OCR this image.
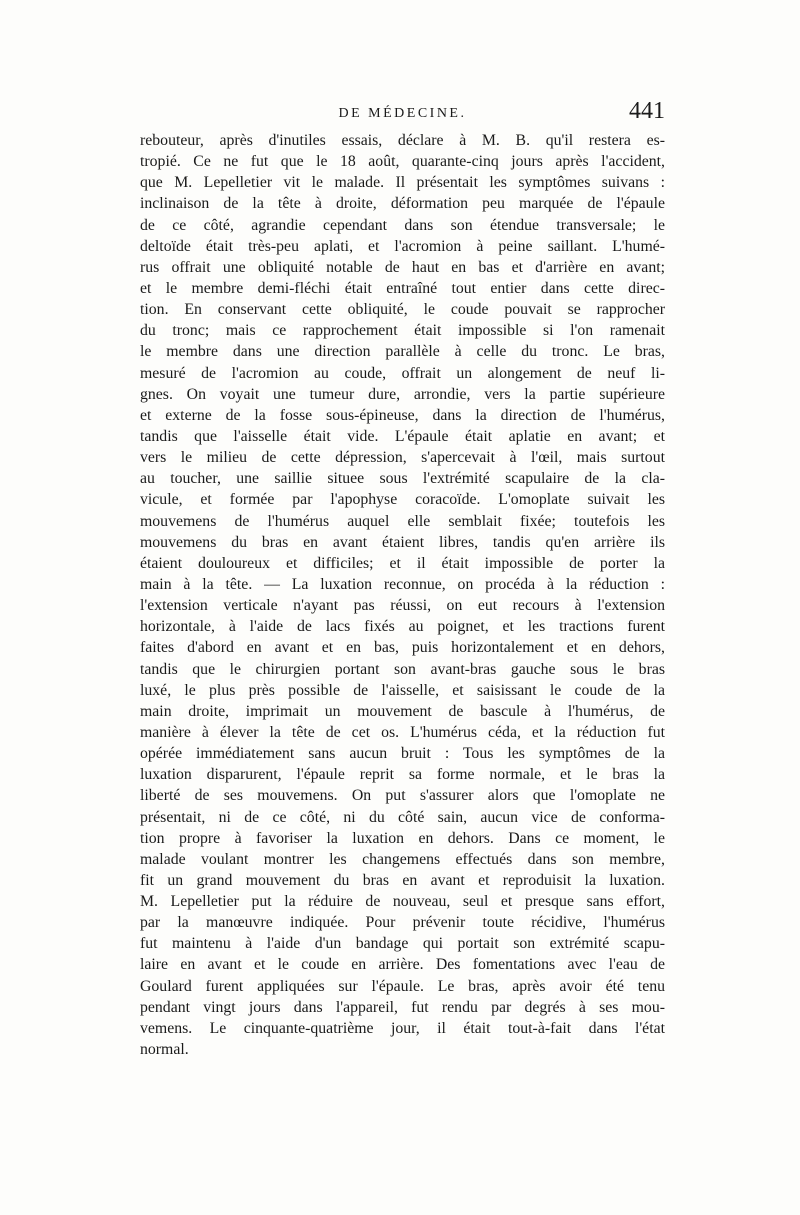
DE MÉDECINE.	441
rebouteur, après d'inutiles essais, déclare à M. B. qu'il restera es-
tropié. Ce ne fut que le 18 août, quarante-cinq jours après l'accident,
que M. Lepelletier vit le malade. Il présentait les symptômes suivans :
inclinaison de la tête à droite, déformation peu marquée de l'épaule
de ce côté, agrandie cependant dans son étendue transversale; le
deltoïde était très-peu aplati, et l'acromion à peine saillant. L'humé-
rus offrait une obliquité notable de haut en bas et d'arrière en avant;
et le membre demi-fléchi était entraîné tout entier dans cette direc-
tion. En conservant cette obliquité, le coude pouvait se rapprocher
du tronc; mais ce rapprochement était impossible si l'on ramenait
le membre dans une direction parallèle à celle du tronc. Le bras,
mesuré de l'acromion au coude, offrait un alongement de neuf li-
gnes. On voyait une tumeur dure, arrondie, vers la partie supérieure
et externe de la fosse sous-épineuse, dans la direction de l'humérus,
tandis que l'aisselle était vide. L'épaule était aplatie en avant; et
vers le milieu de cette dépression, s'apercevait à l'œil, mais surtout
au toucher, une saillie situee sous l'extrémité scapulaire de la cla-
vicule, et formée par l'apophyse coracoïde. L'omoplate suivait les
mouvemens de l'humérus auquel elle semblait fixée; toutefois les
mouvemens du bras en avant étaient libres, tandis qu'en arrière ils
étaient douloureux et difficiles; et il était impossible de porter la
main à la tête. — La luxation reconnue, on procéda à la réduction :
l'extension verticale n'ayant pas réussi, on eut recours à l'extension
horizontale, à l'aide de lacs fixés au poignet, et les tractions furent
faites d'abord en avant et en bas, puis horizontalement et en dehors,
tandis que le chirurgien portant son avant-bras gauche sous le bras
luxé, le plus près possible de l'aisselle, et saisissant le coude de la
main droite, imprimait un mouvement de bascule à l'humérus, de
manière à élever la tête de cet os. L'humérus céda, et la réduction fut
opérée immédiatement sans aucun bruit : Tous les symptômes de la
luxation disparurent, l'épaule reprit sa forme normale, et le bras la
liberté de ses mouvemens. On put s'assurer alors que l'omoplate ne
présentait, ni de ce côté, ni du côté sain, aucun vice de conforma-
tion propre à favoriser la luxation en dehors. Dans ce moment, le
malade voulant montrer les changemens effectués dans son membre,
fit un grand mouvement du bras en avant et reproduisit la luxation.
M. Lepelletier put la réduire de nouveau, seul et presque sans effort,
par la manœuvre indiquée. Pour prévenir toute récidive, l'humérus
fut maintenu à l'aide d'un bandage qui portait son extrémité scapu-
laire en avant et le coude en arrière. Des fomentations avec l'eau de
Goulard furent appliquées sur l'épaule. Le bras, après avoir été tenu
pendant vingt jours dans l'appareil, fut rendu par degrés à ses mou-
vemens. Le cinquante-quatrième jour, il était tout-à-fait dans l'état
normal.
